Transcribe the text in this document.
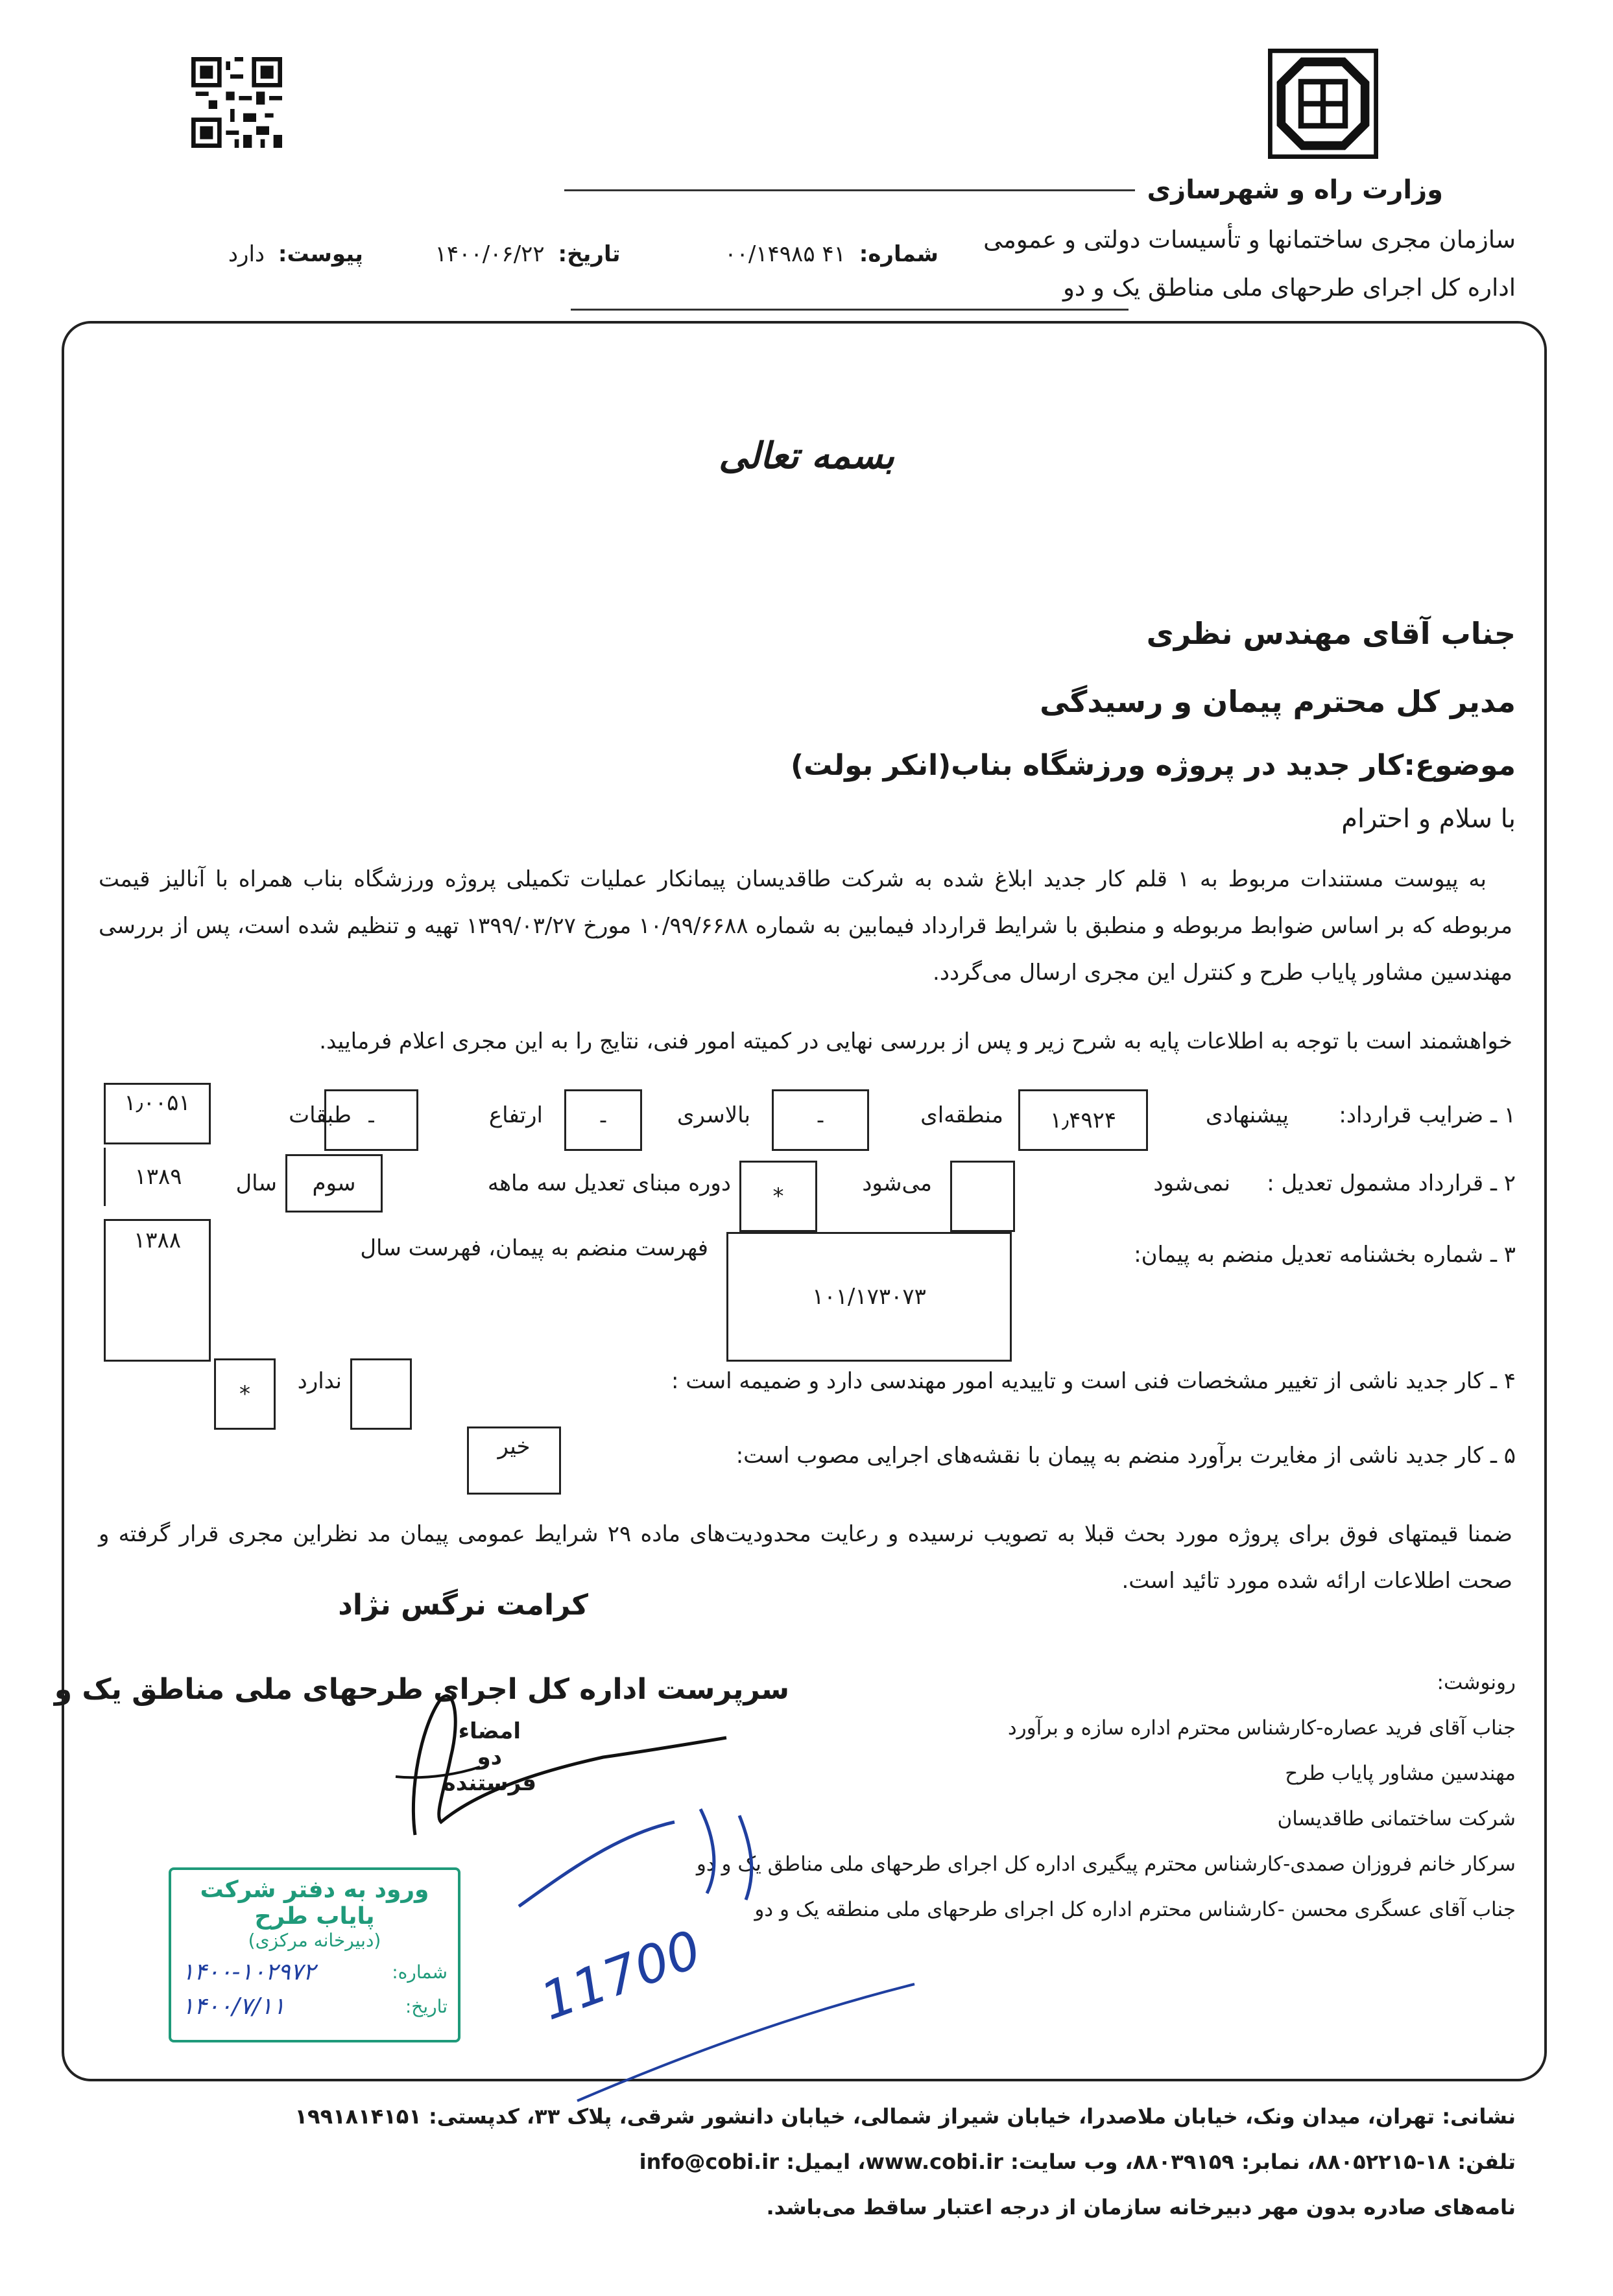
وزارت راه و شهرسازی
سازمان مجری ساختمانها و تأسیسات دولتی و عمومی
اداره کل اجرای طرحهای ملی مناطق یک و دو
شماره: ۴۱ ۰۰/۱۴۹۸۵ تاریخ: ۱۴۰۰/۰۶/۲۲ پیوست: دارد
بسمه تعالی
جناب آقای مهندس نظری
مدیر کل محترم پیمان و رسیدگی
موضوع:کار جدید در پروژه ورزشگاه بناب(انکر بولت)
با سلام و احترام
به پیوست مستندات مربوط به ۱ قلم کار جدید ابلاغ شده به شرکت طاقدیسان پیمانکار عملیات تکمیلی پروژه ورزشگاه بناب همراه با آنالیز قیمت مربوطه که بر اساس ضوابط مربوطه و منطبق با شرایط قرارداد فیمابین به شماره ۱۰/۹۹/۶۶۸۸ مورخ ۱۳۹۹/۰۳/۲۷ تهیه و تنظیم شده است، پس از بررسی مهندسین مشاور پایاب طرح و کنترل این مجری ارسال می‌گردد.
خواهشمند است با توجه به اطلاعات پایه به شرح زیر و پس از بررسی نهایی در کمیته امور فنی، نتایج را به این مجری اعلام فرمایید.
۱ ـ ضرایب قرارداد:
پیشنهادی
۱٫۴۹۲۴
منطقه‌ای
-
بالاسری
-
ارتفاع
-
طبقات
۱٫۰۰۵۱
۲ ـ قرارداد مشمول تعدیل :
نمی‌شود
می‌شود
*
دوره مبنای تعدیل سه ماهه
سوم
سال
۱۳۸۹
۳ ـ شماره بخشنامه تعدیل منضم به پیمان:
۱۰۱/۱۷۳۰۷۳
فهرست منضم به پیمان، فهرست سال
۱۳۸۸
۴ ـ کار جدید ناشی از تغییر مشخصات فنی است و تاییدیه امور مهندسی دارد و ضمیمه است :
ندارد
*
۵ ـ کار جدید ناشی از مغایرت برآورد منضم به پیمان با نقشه‌های اجرایی مصوب است:
خیر
ضمنا قیمتهای فوق برای پروژه مورد بحث قبلا به تصویب نرسیده و رعایت محدودیت‌های ماده ۲۹ شرایط عمومی پیمان مد نظراین مجری قرار گرفته و صحت اطلاعات ارائه شده مورد تائید است.
کرامت نرگس نژاد
سرپرست اداره کل اجرای طرحهای ملی مناطق یک و
امضاء
دو
فرستنده
رونوشت:
جناب آقای فرید عصاره-کارشناس محترم اداره سازه و برآورد
مهندسین مشاور پایاب طرح
شرکت ساختمانی طاقدیسان
سرکار خانم فروزان صمدی-کارشناس محترم پیگیری اداره کل اجرای طرحهای ملی مناطق یک و دو
جناب آقای عسگری محسن -کارشناس محترم اداره کل اجرای طرحهای ملی منطقه یک و دو
ورود به دفتر شرکت پایاب طرح
(دبیرخانه مرکزی)
شماره:
۱۴۰۰-۱۰۲۹۷۲
تاریخ:
۱۴۰۰/۷/۱۱	11700
نشانی: تهران، میدان ونک، خیابان ملاصدرا، خیابان شیراز شمالی، خیابان دانشور شرقی، پلاک ۳۳، کدپستی: ۱۹۹۱۸۱۴۱۵۱
تلفن: ۱۸-۸۸۰۵۲۲۱۵، نمابر: ۸۸۰۳۹۱۵۹، وب سایت: www.cobi.ir، ایمیل: info@cobi.ir
نامه‌های صادره بدون مهر دبیرخانه سازمان از درجه اعتبار ساقط می‌باشد.
